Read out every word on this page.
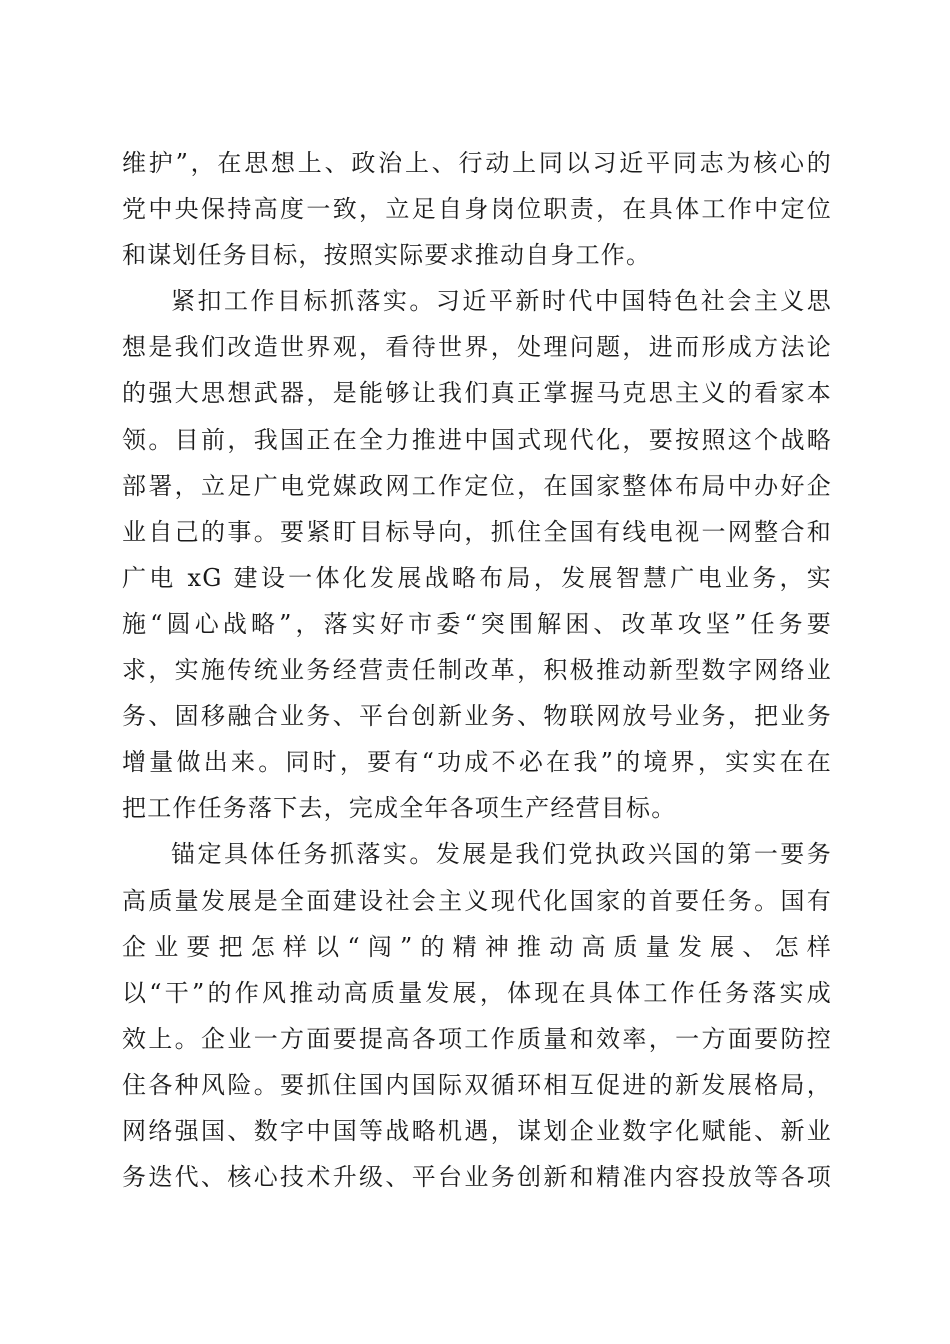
维护”，在思想上、政治上、行动上同以习近平同志为核心的
党中央保持高度一致，立足自身岗位职责，在具体工作中定位
和谋划任务目标，按照实际要求推动自身工作。
紧扣工作目标抓落实。习近平新时代中国特色社会主义思
想是我们改造世界观，看待世界，处理问题，进而形成方法论
的强大思想武器，是能够让我们真正掌握马克思主义的看家本
领。目前，我国正在全力推进中国式现代化，要按照这个战略
部署，立足广电党媒政网工作定位，在国家整体布局中办好企
业自己的事。要紧盯目标导向，抓住全国有线电视一网整合和
广电 xG 建设一体化发展战略布局，发展智慧广电业务，实
施“圆心战略”，落实好市委“突围解困、改革攻坚”任务要
求，实施传统业务经营责任制改革，积极推动新型数字网络业
务、固移融合业务、平台创新业务、物联网放号业务，把业务
增量做出来。同时，要有“功成不必在我”的境界，实实在在
把工作任务落下去，完成全年各项生产经营目标。
锚定具体任务抓落实。发展是我们党执政兴国的第一要务
高质量发展是全面建设社会主义现代化国家的首要任务。国有
企业要把怎样以“闯”的精神推动高质量发展、怎样
以“干”的作风推动高质量发展，体现在具体工作任务落实成
效上。企业一方面要提高各项工作质量和效率，一方面要防控
住各种风险。要抓住国内国际双循环相互促进的新发展格局，
网络强国、数字中国等战略机遇，谋划企业数字化赋能、新业
务迭代、核心技术升级、平台业务创新和精准内容投放等各项
